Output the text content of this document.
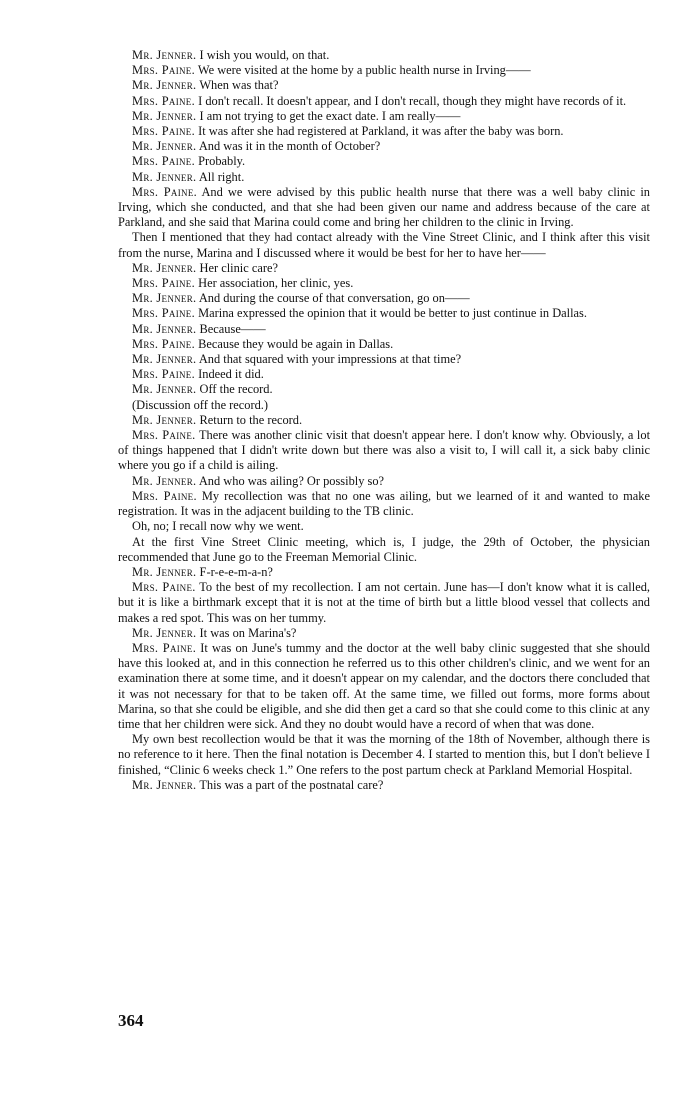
Mr. Jenner. I wish you would, on that.
Mrs. Paine. We were visited at the home by a public health nurse in Irving——
Mr. Jenner. When was that?
Mrs. Paine. I don't recall. It doesn't appear, and I don't recall, though they might have records of it.
Mr. Jenner. I am not trying to get the exact date. I am really——
Mrs. Paine. It was after she had registered at Parkland, it was after the baby was born.
Mr. Jenner. And was it in the month of October?
Mrs. Paine. Probably.
Mr. Jenner. All right.
Mrs. Paine. And we were advised by this public health nurse that there was a well baby clinic in Irving, which she conducted, and that she had been given our name and address because of the care at Parkland, and she said that Marina could come and bring her children to the clinic in Irving.
Then I mentioned that they had contact already with the Vine Street Clinic, and I think after this visit from the nurse, Marina and I discussed where it would be best for her to have her——
Mr. Jenner. Her clinic care?
Mrs. Paine. Her association, her clinic, yes.
Mr. Jenner. And during the course of that conversation, go on——
Mrs. Paine. Marina expressed the opinion that it would be better to just continue in Dallas.
Mr. Jenner. Because——
Mrs. Paine. Because they would be again in Dallas.
Mr. Jenner. And that squared with your impressions at that time?
Mrs. Paine. Indeed it did.
Mr. Jenner. Off the record.
(Discussion off the record.)
Mr. Jenner. Return to the record.
Mrs. Paine. There was another clinic visit that doesn't appear here. I don't know why. Obviously, a lot of things happened that I didn't write down but there was also a visit to, I will call it, a sick baby clinic where you go if a child is ailing.
Mr. Jenner. And who was ailing? Or possibly so?
Mrs. Paine. My recollection was that no one was ailing, but we learned of it and wanted to make registration. It was in the adjacent building to the TB clinic.
Oh, no; I recall now why we went.
At the first Vine Street Clinic meeting, which is, I judge, the 29th of October, the physician recommended that June go to the Freeman Memorial Clinic.
Mr. Jenner. F-r-e-e-m-a-n?
Mrs. Paine. To the best of my recollection. I am not certain. June has—I don't know what it is called, but it is like a birthmark except that it is not at the time of birth but a little blood vessel that collects and makes a red spot. This was on her tummy.
Mr. Jenner. It was on Marina's?
Mrs. Paine. It was on June's tummy and the doctor at the well baby clinic suggested that she should have this looked at, and in this connection he referred us to this other children's clinic, and we went for an examination there at some time, and it doesn't appear on my calendar, and the doctors there concluded that it was not necessary for that to be taken off. At the same time, we filled out forms, more forms about Marina, so that she could be eligible, and she did then get a card so that she could come to this clinic at any time that her children were sick. And they no doubt would have a record of when that was done.
My own best recollection would be that it was the morning of the 18th of November, although there is no reference to it here. Then the final notation is December 4. I started to mention this, but I don't believe I finished, “Clinic 6 weeks check 1.” One refers to the post partum check at Parkland Memorial Hospital.
Mr. Jenner. This was a part of the postnatal care?
364
